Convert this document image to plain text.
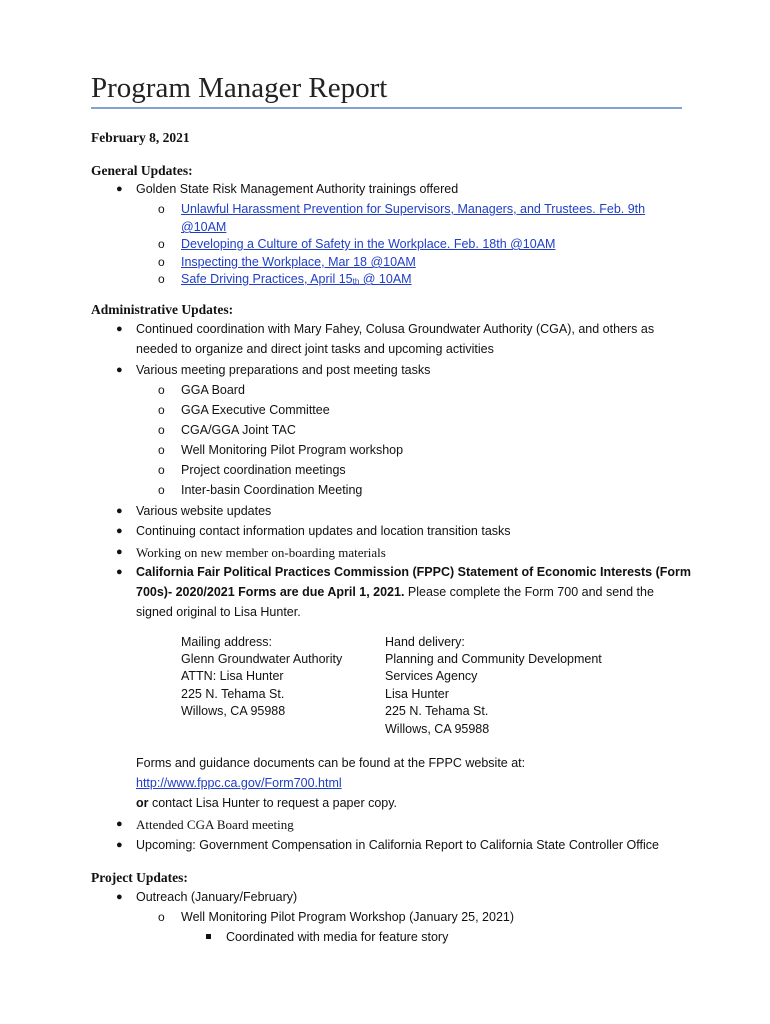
Program Manager Report
February 8, 2021
General Updates:
● Golden State Risk Management Authority trainings offered
o Unlawful Harassment Prevention for Supervisors, Managers, and Trustees. Feb. 9th
@10AM
o Developing a Culture of Safety in the Workplace. Feb. 18th @10AM
o Inspecting the Workplace, Mar 18 @10AM
o Safe Driving Practices, April 15th @ 10AM
Administrative Updates:
● Continued coordination with Mary Fahey, Colusa Groundwater Authority (CGA), and others as
needed to organize and direct joint tasks and upcoming activities
● Various meeting preparations and post meeting tasks
o GGA Board
o GGA Executive Committee
o CGA/GGA Joint TAC
o Well Monitoring Pilot Program workshop
o Project coordination meetings
o Inter-basin Coordination Meeting
● Various website updates
● Continuing contact information updates and location transition tasks
● Working on new member on-boarding materials
● California Fair Political Practices Commission (FPPC) Statement of Economic Interests (Form
700s)- 2020/2021 Forms are due April 1, 2021. Please complete the Form 700 and send the
signed original to Lisa Hunter.
Mailing address:
Glenn Groundwater Authority
ATTN: Lisa Hunter
225 N. Tehama St.
Willows, CA 95988
Hand delivery:
Planning and Community Development
Services Agency
Lisa Hunter
225 N. Tehama St.
Willows, CA 95988
Forms and guidance documents can be found at the FPPC website at:
http://www.fppc.ca.gov/Form700.html
or contact Lisa Hunter to request a paper copy.
● Attended CGA Board meeting
● Upcoming: Government Compensation in California Report to California State Controller Office
Project Updates:
● Outreach (January/February)
o Well Monitoring Pilot Program Workshop (January 25, 2021)
Coordinated with media for feature story
